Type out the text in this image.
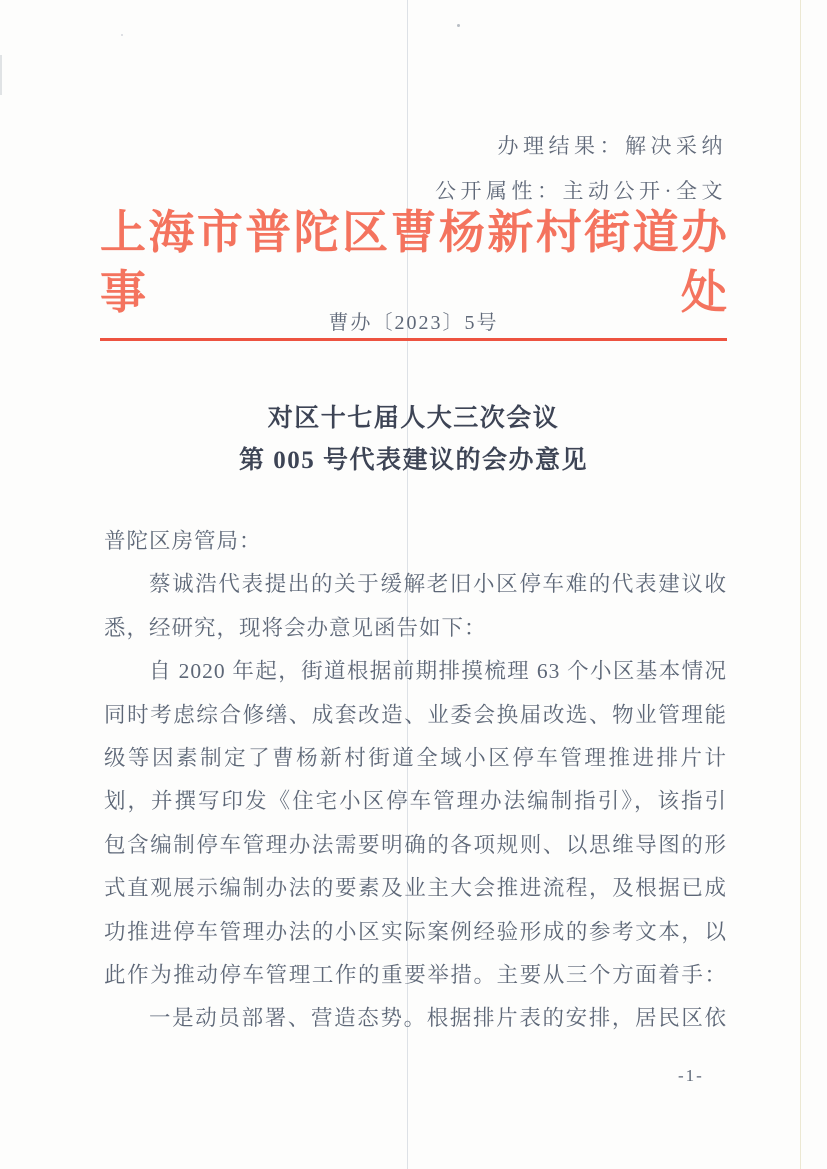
办理结果：解决采纳
公开属性：主动公开·全文
上海市普陀区曹杨新村街道办事处
曹办〔2023〕5号
对区十七届人大三次会议
第 005 号代表建议的会办意见
普陀区房管局：
蔡诚浩代表提出的关于缓解老旧小区停车难的代表建议收
悉，经研究，现将会办意见函告如下：
自 2020 年起，街道根据前期排摸梳理 63 个小区基本情况
同时考虑综合修缮、成套改造、业委会换届改选、物业管理能
级等因素制定了曹杨新村街道全域小区停车管理推进排片计
划，并撰写印发《住宅小区停车管理办法编制指引》，该指引
包含编制停车管理办法需要明确的各项规则、以思维导图的形
式直观展示编制办法的要素及业主大会推进流程，及根据已成
功推进停车管理办法的小区实际案例经验形成的参考文本，以
此作为推动停车管理工作的重要举措。主要从三个方面着手：
一是动员部署、营造态势。根据排片表的安排，居民区依
-1-
